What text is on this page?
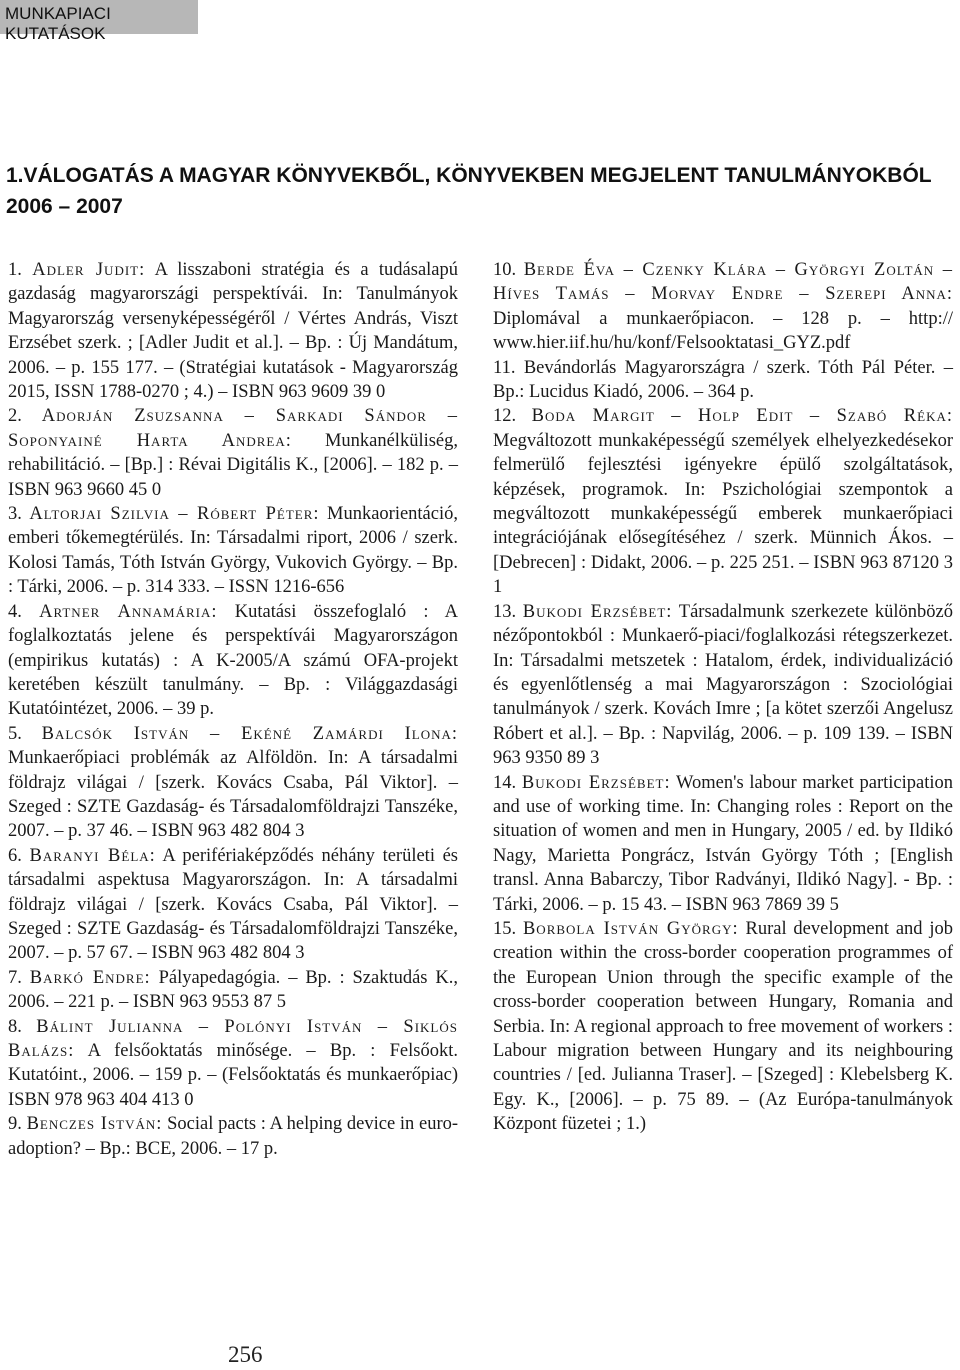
MUNKAPIACI KUTATÁSOK
1.VÁLOGATÁS A MAGYAR KÖNYVEKBŐL, KÖNYVEKBEN MEGJELENT TANULMÁNYOKBÓL
2006 – 2007

1. Adler Judit: A lisszaboni stratégia és a tudásalapú gazdaság magyarországi perspektívái. In: Tanulmányok Magyarország versenyképességéről / Vértes András, Viszt Erzsébet szerk. ; [Adler Judit et al.]. – Bp. : Új Mandátum, 2006. – p. 155 177. – (Stratégiai kutatások - Magyarország 2015, ISSN 1788-0270 ; 4.) – ISBN 963 9609 39 0

2. Adorján Zsuzsanna – Sarkadi Sándor – Soponyainé Harta Andrea: Munkanélküliség, rehabilitáció. – [Bp.] : Révai Digitális K., [2006]. – 182 p. – ISBN 963 9660 45 0

3. Altorjai Szilvia – Róbert Péter: Munkaorientáció, emberi tőkemegtérülés. In: Társadalmi riport, 2006 / szerk. Kolosi Tamás, Tóth István György, Vukovich György. – Bp. : Tárki, 2006. – p. 314 333. – ISSN 1216-656

4. Artner Annamária: Kutatási összefoglaló : A foglalkoztatás jelene és perspektívái Magyarországon (empirikus kutatás) : A K-2005/A számú OFA-projekt keretében készült tanulmány. – Bp. : Világgazdasági Kutatóintézet, 2006. – 39 p.

5. Balcsók István – Ekéné Zamárdi Ilona: Munkaerőpiaci problémák az Alföldön. In: A társadalmi földrajz világai / [szerk. Kovács Csaba, Pál Viktor]. – Szeged : SZTE Gazdaság- és Társadalomföldrajzi Tanszéke, 2007. – p. 37 46. – ISBN 963 482 804 3

6. Baranyi Béla: A perifériaképződés néhány területi és társadalmi aspektusa Magyarországon. In: A társadalmi földrajz világai / [szerk. Kovács Csaba, Pál Viktor]. – Szeged : SZTE Gazdaság- és Társadalomföldrajzi Tanszéke, 2007. – p. 57 67. – ISBN 963 482 804 3

7. Barkó Endre: Pályapedagógia. – Bp. : Szaktudás K., 2006. – 221 p. – ISBN 963 9553 87 5

8. Bálint Julianna – Polónyi István – Siklós Balázs: A felsőoktatás minősége. – Bp. : Felsőokt. Kutatóint., 2006. – 159 p. – (Felsőoktatás és munkaerőpiac) ISBN 978 963 404 413 0

9. Benczes István: Social pacts : A helping device in euro-adoption? – Bp.: BCE, 2006. – 17 p.

10. Berde Éva – Czenky Klára – Györgyi Zoltán – Híves Tamás – Morvay Endre – Szerepi Anna: Diplomával a munkaerőpiacon. – 128 p. – http:// www.hier.iif.hu/hu/konf/Felsooktatasi_GYZ.pdf

11. Bevándorlás Magyarországra / szerk. Tóth Pál Péter. – Bp.: Lucidus Kiadó, 2006. – 364 p.

12. Boda Margit – Holp Edit – Szabó Réka: Megváltozott munkaképességű személyek elhelyezkedésekor felmerülő fejlesztési igényekre épülő szolgáltatások, képzések, programok. In: Pszichológiai szempontok a megváltozott munkaképességű emberek munkaerőpiaci integrációjának elősegítéséhez / szerk. Münnich Ákos. – [Debrecen] : Didakt, 2006. – p. 225 251. – ISBN 963 87120 3 1

13. Bukodi Erzsébet: Társadalmunk szerkezete különböző nézőpontokból : Munkaerő-piaci/foglalkozási rétegszerkezet. In: Társadalmi metszetek : Hatalom, érdek, individualizáció és egyenlőtlenség a mai Magyarországon : Szociológiai tanulmányok / szerk. Kovách Imre ; [a kötet szerzői Angelusz Róbert et al.]. – Bp. : Napvilág, 2006. – p. 109 139. – ISBN 963 9350 89 3

14. Bukodi Erzsébet: Women's labour market participation and use of working time. In: Changing roles : Report on the situation of women and men in Hungary, 2005 / ed. by Ildikó Nagy, Marietta Pongrácz, István György Tóth ; [English transl. Anna Babarczy, Tibor Radványi, Ildikó Nagy]. - Bp. : Tárki, 2006. – p. 15 43. – ISBN 963 7869 39 5

15. Borbola István György: Rural development and job creation within the cross-border cooperation programmes of the European Union through the specific example of the cross-border cooperation between Hungary, Romania and Serbia. In: A regional approach to free movement of workers : Labour migration between Hungary and its neighbouring countries / [ed. Julianna Traser]. – [Szeged] : Klebelsberg K. Egy. K., [2006]. – p. 75 89. – (Az Európa-tanulmányok Központ füzetei ; 1.)

256
